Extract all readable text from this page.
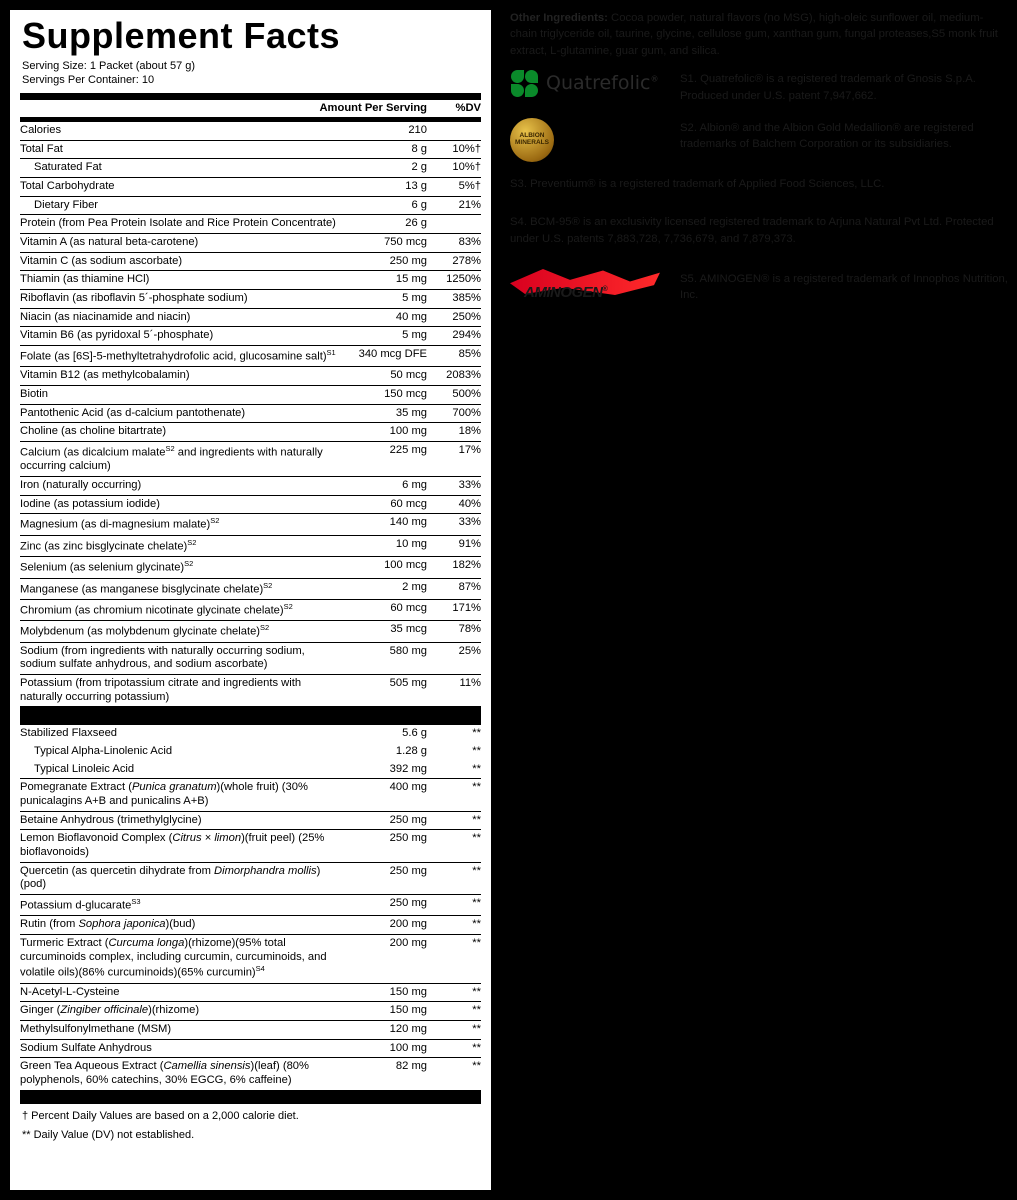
Supplement Facts
Serving Size: 1 Packet (about 57 g)
Servings Per Container: 10
	Amount Per Serving	%DV
Calories	210	
Total Fat	8 g	10%†
Saturated Fat	2 g	10%†
Total Carbohydrate	13 g	5%†
Dietary Fiber	6 g	21%
Protein (from Pea Protein Isolate and Rice Protein Concentrate)	26 g	
Vitamin A (as natural beta-carotene)	750 mcg	83%
Vitamin C (as sodium ascorbate)	250 mg	278%
Thiamin (as thiamine HCl)	15 mg	1250%
Riboflavin (as riboflavin 5´-phosphate sodium)	5 mg	385%
Niacin (as niacinamide and niacin)	40 mg	250%
Vitamin B6 (as pyridoxal 5´-phosphate)	5 mg	294%
Folate (as [6S]-5-methyltetrahydrofolic acid, glucosamine salt)$^{S1}$	340 mcg DFE	85%
Vitamin B12 (as methylcobalamin)	50 mcg	2083%
Biotin	150 mcg	500%
Pantothenic Acid (as d-calcium pantothenate)	35 mg	700%
Choline (as choline bitartrate)	100 mg	18%
Calcium (as dicalcium malate$^{S2}$ and ingredients with naturally occurring calcium)	225 mg	17%
Iron (naturally occurring)	6 mg	33%
Iodine (as potassium iodide)	60 mcg	40%
Magnesium (as di-magnesium malate)$^{S2}$	140 mg	33%
Zinc (as zinc bisglycinate chelate)$^{S2}$	10 mg	91%
Selenium (as selenium glycinate)$^{S2}$	100 mcg	182%
Manganese (as manganese bisglycinate chelate)$^{S2}$	2 mg	87%
Chromium (as chromium nicotinate glycinate chelate)$^{S2}$	60 mcg	171%
Molybdenum (as molybdenum glycinate chelate)$^{S2}$	35 mcg	78%
Sodium (from ingredients with naturally occurring sodium, sodium sulfate anhydrous, and sodium ascorbate)	580 mg	25%
Potassium (from tripotassium citrate and ingredients with naturally occurring potassium)	505 mg	11%
Stabilized Flaxseed	5.6 g	**
Typical Alpha-Linolenic Acid	1.28 g	**
Typical Linoleic Acid	392 mg	**
Pomegranate Extract (Punica granatum)(whole fruit) (30% punicalagins A+B and punicalins A+B)	400 mg	**
Betaine Anhydrous (trimethylglycine)	250 mg	**
Lemon Bioflavonoid Complex (Citrus × limon)(fruit peel) (25% bioflavonoids)	250 mg	**
Quercetin (as quercetin dihydrate from Dimorphandra mollis)(pod)	250 mg	**
Potassium d-glucarate$^{S3}$	250 mg	**
Rutin (from Sophora japonica)(bud)	200 mg	**
Turmeric Extract (Curcuma longa)(rhizome)(95% total curcuminoids complex, including curcumin, curcuminoids, and volatile oils)(86% curcuminoids)(65% curcumin)$^{S4}$	200 mg	**
N-Acetyl-L-Cysteine	150 mg	**
Ginger (Zingiber officinale)(rhizome)	150 mg	**
Methylsulfonylmethane (MSM)	120 mg	**
Sodium Sulfate Anhydrous	100 mg	**
Green Tea Aqueous Extract (Camellia sinensis)(leaf) (80% polyphenols, 60% catechins, 30% EGCG, 6% caffeine)	82 mg	**
† Percent Daily Values are based on a 2,000 calorie diet.
** Daily Value (DV) not established.
Other Ingredients: Cocoa powder, natural flavors (no MSG), high-oleic sunflower oil, medium-chain triglyceride oil, taurine, glycine, cellulose gum, xanthan gum, fungal proteases,S5 monk fruit extract, L-glutamine, guar gum, and silica.
Quatrefolic® S1. Quatrefolic® is a registered trademark of Gnosis S.p.A. Produced under U.S. patent 7,947,662.
ALBION
MINERALS
S2. Albion® and the Albion Gold Medallion® are registered trademarks of Balchem Corporation or its subsidiaries.
S3. Preventium® is a registered trademark of Applied Food Sciences, LLC.
S4. BCM-95® is an exclusivity licensed registered trademark to Arjuna Natural Pvt Ltd. Protected under U.S. patents 7,883,728, 7,736,679, and 7,879,373.
AMINOGEN®
S5. AMINOGEN® is a registered trademark of Innophos Nutrition, Inc.
